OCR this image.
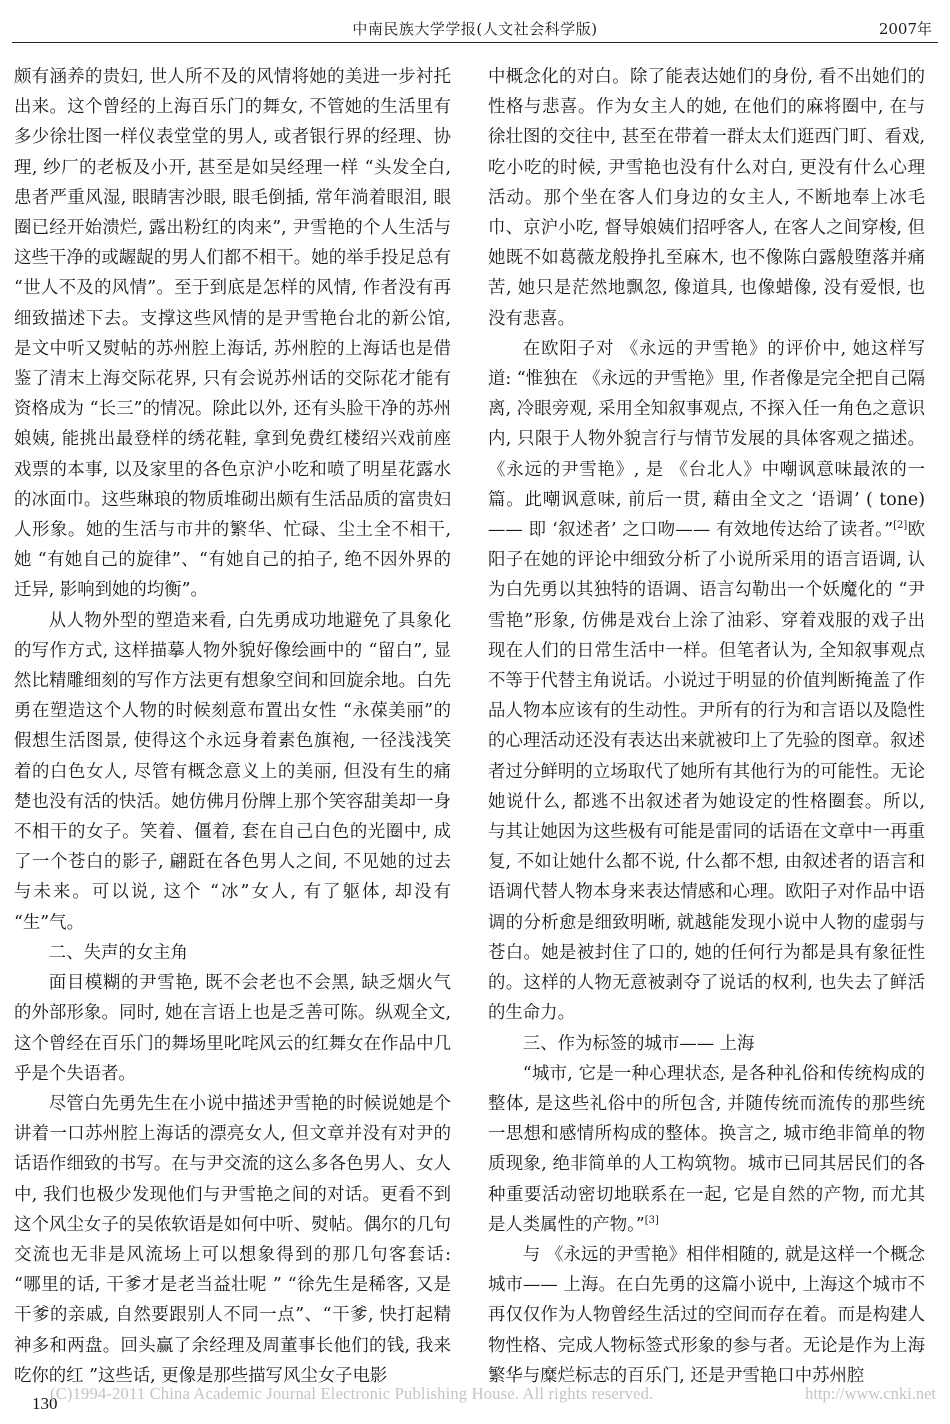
中南民族大学学报(人文社会科学版)	2007年

颇有涵养的贵妇, 世人所不及的风情将她的美进一步衬托出来。这个曾经的上海百乐门的舞女, 不管她的生活里有多少徐壮图一样仪表堂堂的男人, 或者银行界的经理、协理, 纱厂的老板及小开, 甚至是如吴经理一样 “头发全白, 患者严重风湿, 眼睛害沙眼, 眼毛倒插, 常年淌着眼泪, 眼圈已经开始溃烂, 露出粉红的肉来”, 尹雪艳的个人生活与这些干净的或龌龊的男人们都不相干。她的举手投足总有 “世人不及的风情”。至于到底是怎样的风情, 作者没有再细致描述下去。支撑这些风情的是尹雪艳台北的新公馆, 是文中听又熨帖的苏州腔上海话, 苏州腔的上海话也是借鉴了清末上海交际花界, 只有会说苏州话的交际花才能有资格成为 “长三”的情况。除此以外, 还有头脸干净的苏州娘姨, 能挑出最登样的绣花鞋, 拿到免费红楼绍兴戏前座戏票的本事, 以及家里的各色京沪小吃和喷了明星花露水的冰面巾。这些琳琅的物质堆砌出颇有生活品质的富贵妇人形象。她的生活与市井的繁华、忙碌、尘土全不相干, 她 “有她自己的旋律”、“有她自己的拍子, 绝不因外界的迁异, 影响到她的均衡”。

从人物外型的塑造来看, 白先勇成功地避免了具象化的写作方式, 这样描摹人物外貌好像绘画中的 “留白”, 显然比精雕细刻的写作方法更有想象空间和回旋余地。白先勇在塑造这个人物的时候刻意布置出女性 “永葆美丽”的假想生活图景, 使得这个永远身着素色旗袍, 一径浅浅笑着的白色女人, 尽管有概念意义上的美丽, 但没有生的痛楚也没有活的快活。她仿佛月份牌上那个笑容甜美却一身不相干的女子。笑着、僵着, 套在自己白色的光圈中, 成了一个苍白的影子, 翩跹在各色男人之间, 不见她的过去与未来。可以说, 这个 “冰”女人, 有了躯体, 却没有 “生”气。

二、失声的女主角

面目模糊的尹雪艳, 既不会老也不会黑, 缺乏烟火气的外部形象。同时, 她在言语上也是乏善可陈。纵观全文, 这个曾经在百乐门的舞场里叱咤风云的红舞女在作品中几乎是个失语者。

尽管白先勇先生在小说中描述尹雪艳的时候说她是个讲着一口苏州腔上海话的漂亮女人, 但文章并没有对尹的话语作细致的书写。在与尹交流的这么多各色男人、女人中, 我们也极少发现他们与尹雪艳之间的对话。更看不到这个风尘女子的吴侬软语是如何中听、熨帖。偶尔的几句交流也无非是风流场上可以想象得到的那几句客套话: “哪里的话, 干爹才是老当益壮呢 ” “徐先生是稀客, 又是干爹的亲戚, 自然要跟别人不同一点”、“干爹, 快打起精神多和两盘。回头赢了余经理及周董事长他们的钱, 我来吃你的红 ”这些话, 更像是那些描写风尘女子电影

中概念化的对白。除了能表达她们的身份, 看不出她们的性格与悲喜。作为女主人的她, 在他们的麻将圈中, 在与徐壮图的交往中, 甚至在带着一群太太们逛西门町、看戏, 吃小吃的时候, 尹雪艳也没有什么对白, 更没有什么心理活动。那个坐在客人们身边的女主人, 不断地奉上冰毛巾、京沪小吃, 督导娘姨们招呼客人, 在客人之间穿梭, 但她既不如葛薇龙般挣扎至麻木, 也不像陈白露般堕落并痛苦, 她只是茫然地飘忽, 像道具, 也像蜡像, 没有爱恨, 也没有悲喜。

在欧阳子对 《永远的尹雪艳》的评价中, 她这样写道: “惟独在 《永远的尹雪艳》里, 作者像是完全把自己隔离, 冷眼旁观, 采用全知叙事观点, 不探入任一角色之意识内, 只限于人物外貌言行与情节发展的具体客观之描述。《永远的尹雪艳》, 是 《台北人》中嘲讽意味最浓的一篇。此嘲讽意味, 前后一贯, 藉由全文之 ‘语调’ ( tone) —— 即 ‘叙述者’ 之口吻—— 有效地传达给了读者。”[2]欧阳子在她的评论中细致分析了小说所采用的语言语调, 认为白先勇以其独特的语调、语言勾勒出一个妖魔化的 “尹雪艳”形象, 仿佛是戏台上涂了油彩、穿着戏服的戏子出现在人们的日常生活中一样。但笔者认为, 全知叙事观点不等于代替主角说话。小说过于明显的价值判断掩盖了作品人物本应该有的生动性。尹所有的行为和言语以及隐性的心理活动还没有表达出来就被印上了先验的图章。叙述者过分鲜明的立场取代了她所有其他行为的可能性。无论她说什么, 都逃不出叙述者为她设定的性格圈套。所以, 与其让她因为这些极有可能是雷同的话语在文章中一再重复, 不如让她什么都不说, 什么都不想, 由叙述者的语言和语调代替人物本身来表达情感和心理。欧阳子对作品中语调的分析愈是细致明晰, 就越能发现小说中人物的虚弱与苍白。她是被封住了口的, 她的任何行为都是具有象征性的。这样的人物无意被剥夺了说话的权利, 也失去了鲜活的生命力。

三、作为标签的城市—— 上海

“城市, 它是一种心理状态, 是各种礼俗和传统构成的整体, 是这些礼俗中的所包含, 并随传统而流传的那些统一思想和感情所构成的整体。换言之, 城市绝非简单的物质现象, 绝非简单的人工构筑物。城市已同其居民们的各种重要活动密切地联系在一起, 它是自然的产物, 而尤其是人类属性的产物。”[3]

与 《永远的尹雪艳》相伴相随的, 就是这样一个概念城市—— 上海。在白先勇的这篇小说中, 上海这个城市不再仅仅作为人物曾经生活过的空间而存在着。而是构建人物性格、完成人物标签式形象的参与者。无论是作为上海繁华与糜烂标志的百乐门, 还是尹雪艳口中苏州腔

130
(C)1994-2011 China Academic Journal Electronic Publishing House. All rights reserved.	http://www.cnki.net
